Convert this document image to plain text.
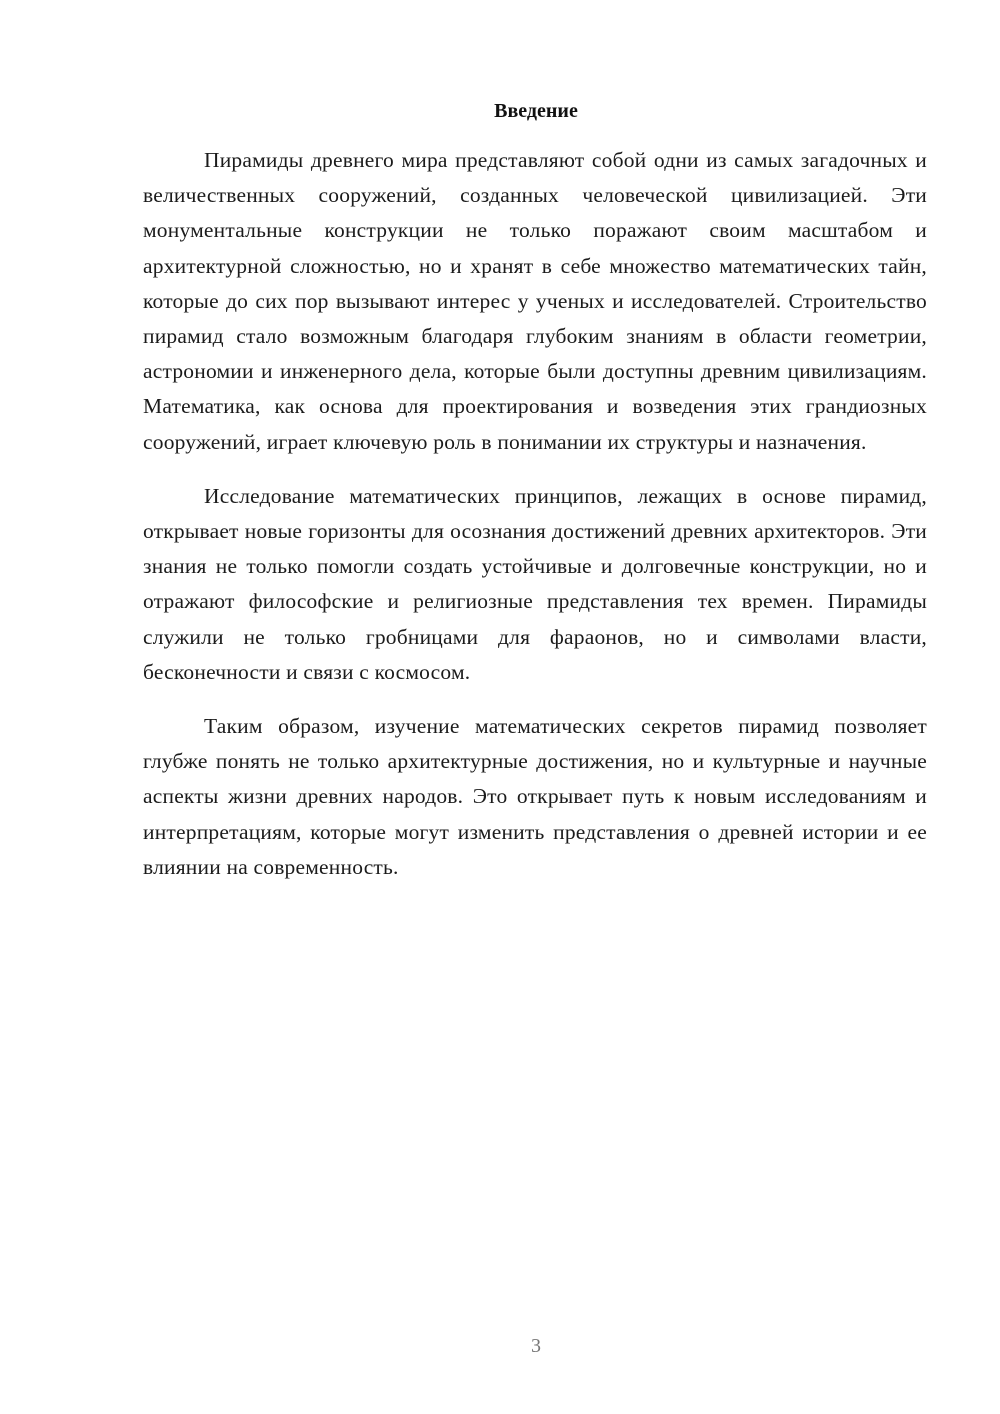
Введение

Пирамиды древнего мира представляют собой одни из самых загадочных и величественных сооружений, созданных человеческой цивилизацией. Эти монументальные конструкции не только поражают своим масштабом и архитектурной сложностью, но и хранят в себе множество математических тайн, которые до сих пор вызывают интерес у ученых и исследователей. Строительство пирамид стало возможным благодаря глубоким знаниям в области геометрии, астрономии и инженерного дела, которые были доступны древним цивилизациям. Математика, как основа для проектирования и возведения этих грандиозных сооружений, играет ключевую роль в понимании их структуры и назначения.

Исследование математических принципов, лежащих в основе пирамид, открывает новые горизонты для осознания достижений древних архитекторов. Эти знания не только помогли создать устойчивые и долговечные конструкции, но и отражают философские и религиозные представления тех времен. Пирамиды служили не только гробницами для фараонов, но и символами власти, бесконечности и связи с космосом.

Таким образом, изучение математических секретов пирамид позволяет глубже понять не только архитектурные достижения, но и культурные и научные аспекты жизни древних народов. Это открывает путь к новым исследованиям и интерпретациям, которые могут изменить представления о древней истории и ее влиянии на современность.

3
